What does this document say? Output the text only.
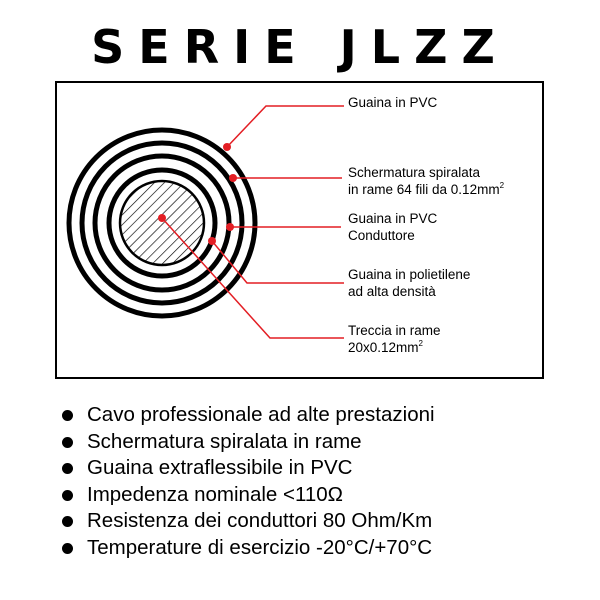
SERIE JLZZ
Guaina in PVC
Schermatura spiralata
in rame 64 fili da $0.12mm^2$
Guaina in PVC
Conduttore
Guaina in polietilene
ad alta densità
Treccia in rame
$20x0.12mm^2$
Cavo professionale ad alte prestazioni
Schermatura spiralata in rame
Guaina extraflessibile in PVC
Impedenza nominale <110Ω
Resistenza dei conduttori 80 Ohm/Km
Temperature di esercizio -20°C/+70°C
